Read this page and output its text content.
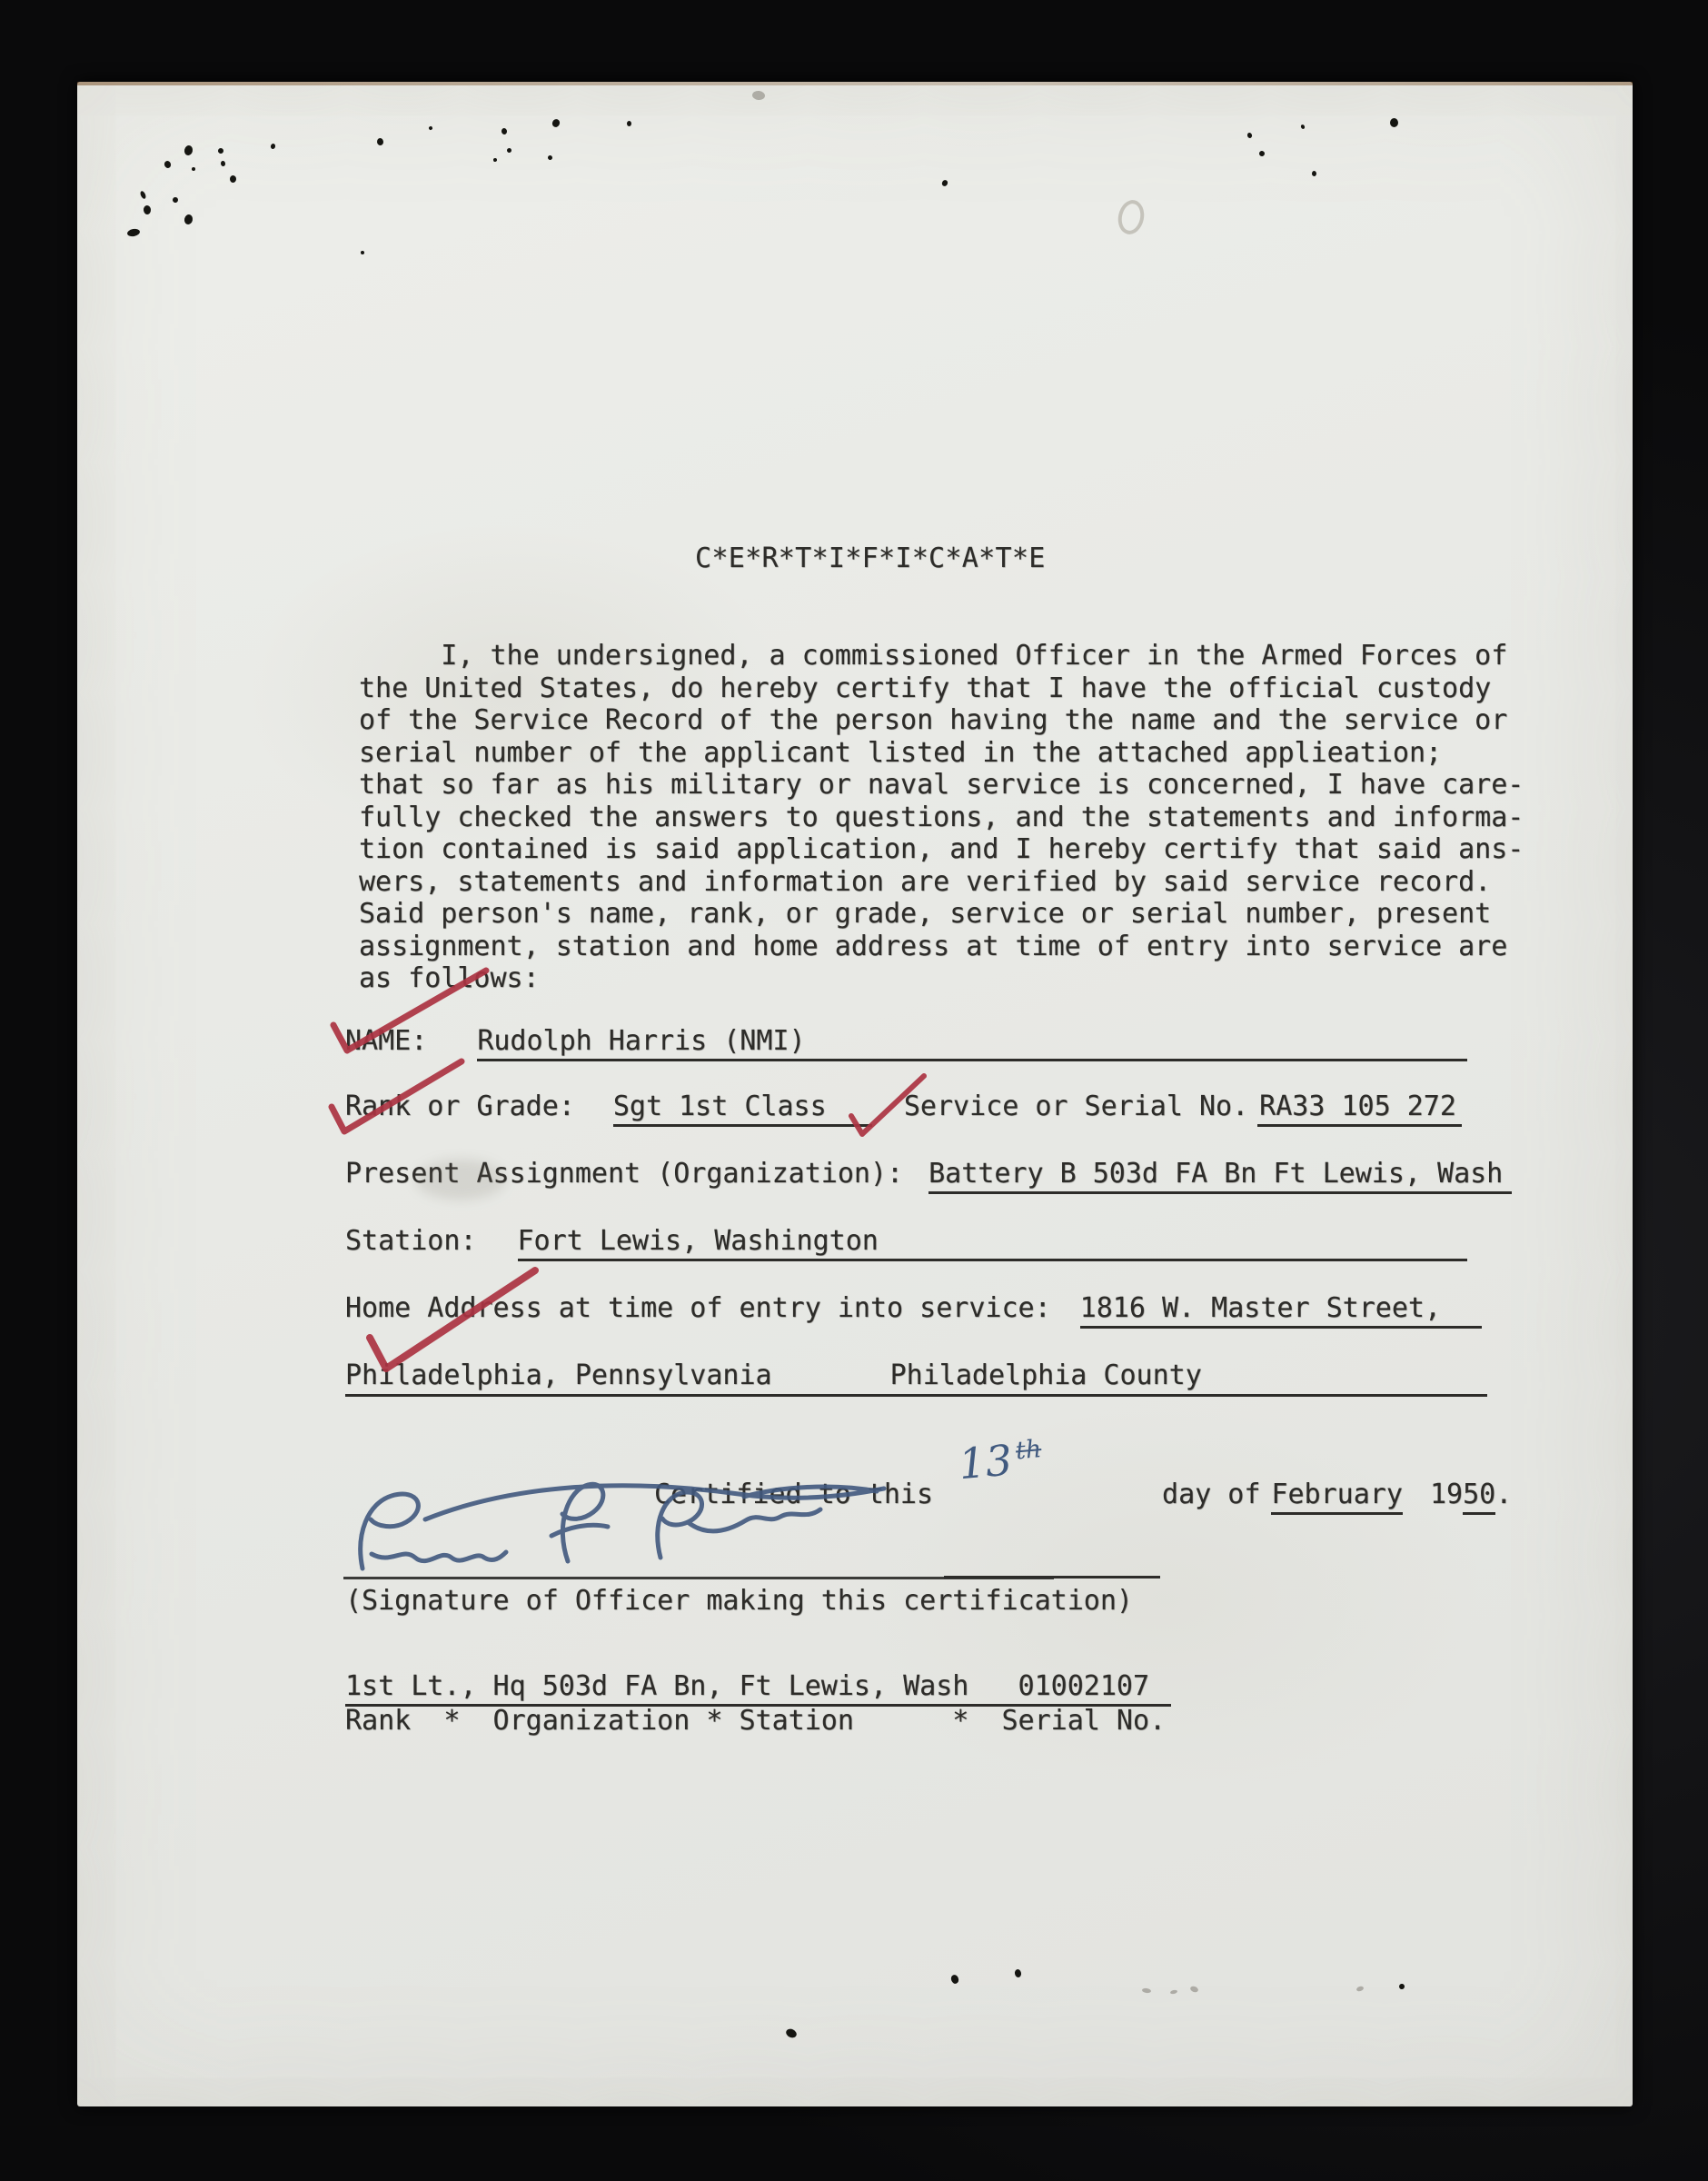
C*E*R*T*I*F*I*C*A*T*E
I, the undersigned, a commissioned Officer in the Armed Forces of
the United States, do hereby certify that I have the official custody
of the Service Record of the person having the name and the service or
serial number of the applicant listed in the attached applieation;
that so far as his military or naval service is concerned, I have care-
fully checked the answers to questions, and the statements and informa-
tion contained is said application, and I hereby certify that said ans-
wers, statements and information are verified by said service record.
Said person's name, rank, or grade, service or serial number, present
assignment, station and home address at time of entry into service are
as follows:
NAME: Rudolph Harris (NMI)
Rank or Grade: Sgt 1st Class	Service or Serial No. RA33 105 272
Present Assignment (Organization): Battery B 503d FA Bn Ft Lewis, Wash
Station: Fort Lewis, Washington
Home Address at time of entry into service: 1816 W. Master Street,
Philadelphia, Pennsylvania	Philadelphia County
Certified to this

13th

day of February 19 50 .
(Signature of Officer making this certification)
1st Lt., Hq 503d FA Bn, Ft Lewis, Wash   01002107
Rank  *  Organization * Station      *  Serial No.
